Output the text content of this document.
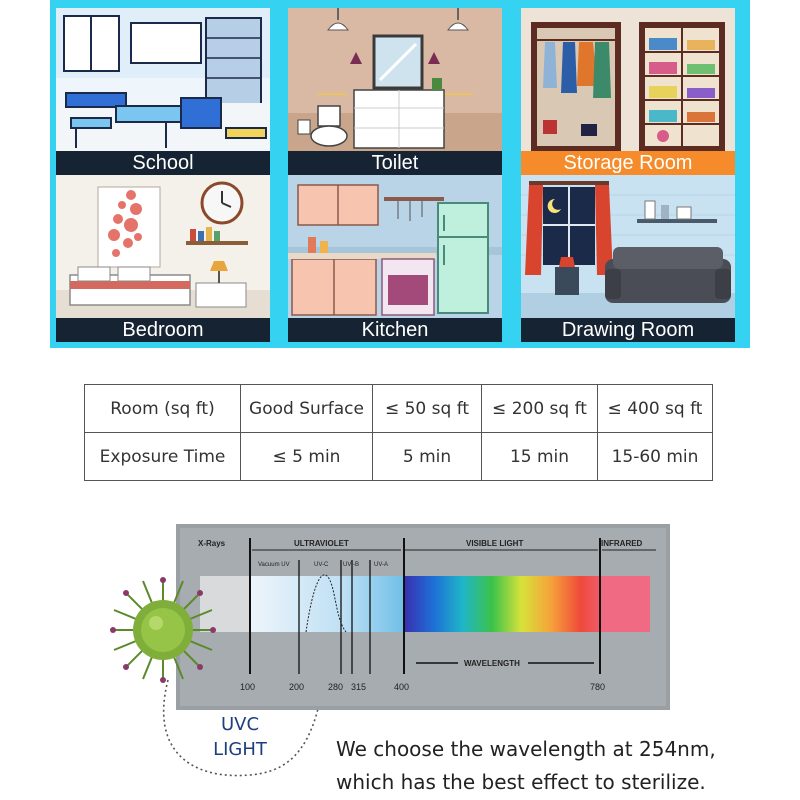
School	Toilet	Storage Room
Bedroom	Kitchen	Drawing Room
Room (sq ft)	Good Surface	≤ 50 sq ft	≤ 200 sq ft	≤ 400 sq ft
Exposure Time	≤ 5 min	5 min	15 min	15-60 min
X-Rays	ULTRAVIOLET	VISIBLE LIGHT	INFRARED
Vacuum UV	UV-C UV -B UV-A
WAVELENGTH
100	200	280 315	400	780
UVC
LIGHT	We choose the wavelength at 254nm,
which has the best effect to sterilize.
